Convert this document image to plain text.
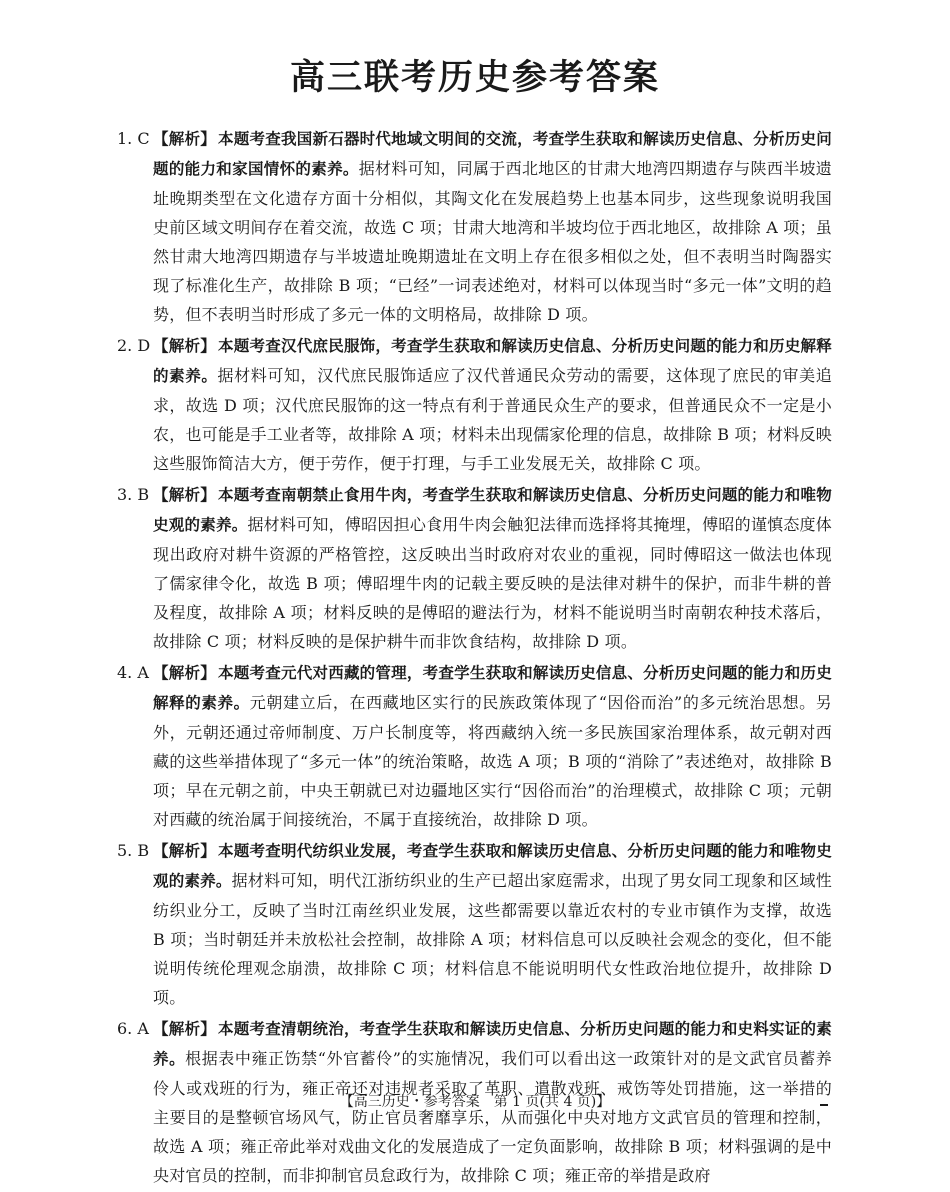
高三联考历史参考答案
1. C 【解析】 本题考查我国新石器时代地域文明间的交流，考查学生获取和解读历史信息、分析历史问题的能力和家国情怀的素养。据材料可知，同属于西北地区的甘肃大地湾四期遗存与陕西半坡遗址晚期类型在文化遗存方面十分相似，其陶文化在发展趋势上也基本同步，这些现象说明我国史前区域文明间存在着交流，故选 C 项；甘肃大地湾和半坡均位于西北地区，故排除 A 项；虽然甘肃大地湾四期遗存与半坡遗址晚期遗址在文明上存在很多相似之处，但不表明当时陶器实现了标准化生产，故排除 B 项；“已经”一词表述绝对，材料可以体现当时“多元一体”文明的趋势，但不表明当时形成了多元一体的文明格局，故排除 D 项。
2. D 【解析】 本题考查汉代庶民服饰，考查学生获取和解读历史信息、分析历史问题的能力和历史解释的素养。据材料可知，汉代庶民服饰适应了汉代普通民众劳动的需要，这体现了庶民的审美追求，故选 D 项；汉代庶民服饰的这一特点有利于普通民众生产的要求，但普通民众不一定是小农，也可能是手工业者等，故排除 A 项；材料未出现儒家伦理的信息，故排除 B 项；材料反映这些服饰简洁大方，便于劳作，便于打理，与手工业发展无关，故排除 C 项。
3. B 【解析】 本题考查南朝禁止食用牛肉，考查学生获取和解读历史信息、分析历史问题的能力和唯物史观的素养。据材料可知，傅昭因担心食用牛肉会触犯法律而选择将其掩埋，傅昭的谨慎态度体现出政府对耕牛资源的严格管控，这反映出当时政府对农业的重视，同时傅昭这一做法也体现了儒家律令化，故选 B 项；傅昭埋牛肉的记载主要反映的是法律对耕牛的保护，而非牛耕的普及程度，故排除 A 项；材料反映的是傅昭的避法行为，材料不能说明当时南朝农种技术落后，故排除 C 项；材料反映的是保护耕牛而非饮食结构，故排除 D 项。
4. A 【解析】 本题考查元代对西藏的管理，考查学生获取和解读历史信息、分析历史问题的能力和历史解释的素养。元朝建立后，在西藏地区实行的民族政策体现了“因俗而治”的多元统治思想。另外，元朝还通过帝师制度、万户长制度等，将西藏纳入统一多民族国家治理体系，故元朝对西藏的这些举措体现了“多元一体”的统治策略，故选 A 项；B 项的“消除了”表述绝对，故排除 B 项；早在元朝之前，中央王朝就已对边疆地区实行“因俗而治”的治理模式，故排除 C 项；元朝对西藏的统治属于间接统治，不属于直接统治，故排除 D 项。
5. B 【解析】 本题考查明代纺织业发展，考查学生获取和解读历史信息、分析历史问题的能力和唯物史观的素养。据材料可知，明代江浙纺织业的生产已超出家庭需求，出现了男女同工现象和区域性纺织业分工，反映了当时江南丝织业发展，这些都需要以靠近农村的专业市镇作为支撑，故选 B 项；当时朝廷并未放松社会控制，故排除 A 项；材料信息可以反映社会观念的变化，但不能说明传统伦理观念崩溃，故排除 C 项；材料信息不能说明明代女性政治地位提升，故排除 D 项。
6. A 【解析】 本题考查清朝统治，考查学生获取和解读历史信息、分析历史问题的能力和史料实证的素养。根据表中雍正饬禁“外官蓄伶”的实施情况，我们可以看出这一政策针对的是文武官员蓄养伶人或戏班的行为，雍正帝还对违规者采取了革职、遣散戏班、戒饬等处罚措施，这一举措的主要目的是整顿官场风气，防止官员奢靡享乐，从而强化中央对地方文武官员的管理和控制，故选 A 项；雍正帝此举对戏曲文化的发展造成了一定负面影响，故排除 B 项；材料强调的是中央对官员的控制，而非抑制官员怠政行为，故排除 C 项；雍正帝的举措是政府
【高三历史・参考答案　第 1 页(共 4 页)】
